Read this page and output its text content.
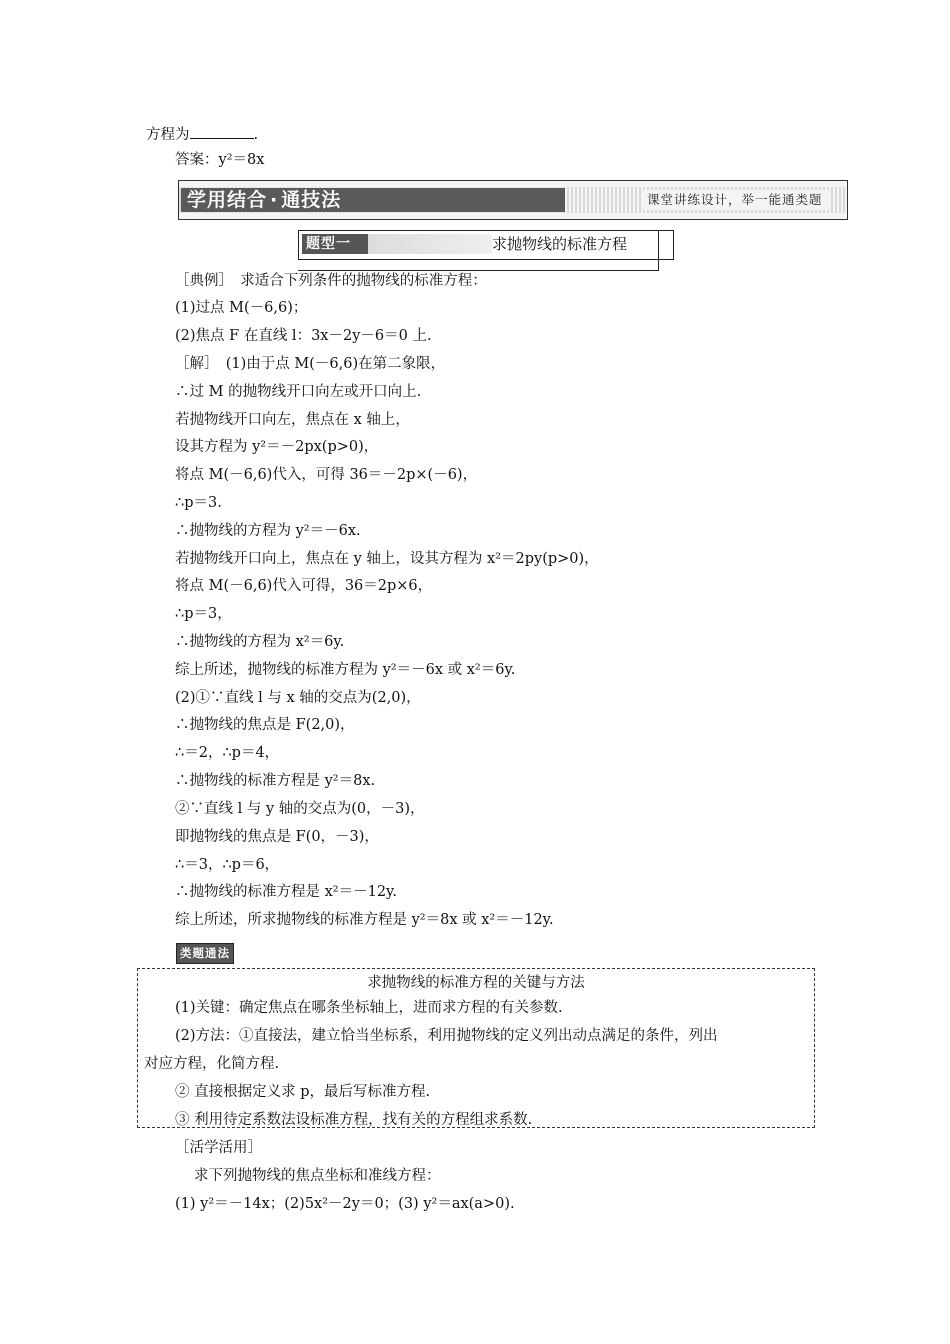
方程为	.
答案：y²＝8x
学用结合 · 通技法	课堂讲练设计，举一能通类题
题型一	求抛物线的标准方程
［典例］　求适合下列条件的抛物线的标准方程：
(1)过点 M(－6,6)；
(2)焦点 F 在直线 l：3x－2y－6＝0 上.
［解］　(1)由于点 M(－6,6)在第二象限，
∴过 M 的抛物线开口向左或开口向上.
若抛物线开口向左，焦点在 x 轴上，
设其方程为 y²＝－2px(p>0)，
将点 M(－6,6)代入，可得 36＝－2p×(－6)，
∴p＝3.
∴抛物线的方程为 y²＝－6x.
若抛物线开口向上，焦点在 y 轴上，设其方程为 x²＝2py(p>0)，
将点 M(－6,6)代入可得，36＝2p×6，
∴p＝3，
∴抛物线的方程为 x²＝6y.
综上所述，抛物线的标准方程为 y²＝－6x 或 x²＝6y.
(2)①∵直线 l 与 x 轴的交点为(2,0)，
∴抛物线的焦点是 F(2,0)，
∴＝2，∴p＝4，
∴抛物线的标准方程是 y²＝8x.
②∵直线 l 与 y 轴的交点为(0，－3)，
即抛物线的焦点是 F(0，－3)，
∴＝3，∴p＝6，
∴抛物线的标准方程是 x²＝－12y.
综上所述，所求抛物线的标准方程是 y²＝8x 或 x²＝－12y.
类题通法
求抛物线的标准方程的关键与方法
(1)关键：确定焦点在哪条坐标轴上，进而求方程的有关参数.
(2)方法：①直接法，建立恰当坐标系，利用抛物线的定义列出动点满足的条件，列出
对应方程，化简方程.
② 直接根据定义求 p，最后写标准方程.
③ 利用待定系数法设标准方程，找有关的方程组求系数.
［活学活用］
求下列抛物线的焦点坐标和准线方程：
(1) y²＝－14x；(2)5x²－2y＝0；(3) y²＝ax(a>0).
